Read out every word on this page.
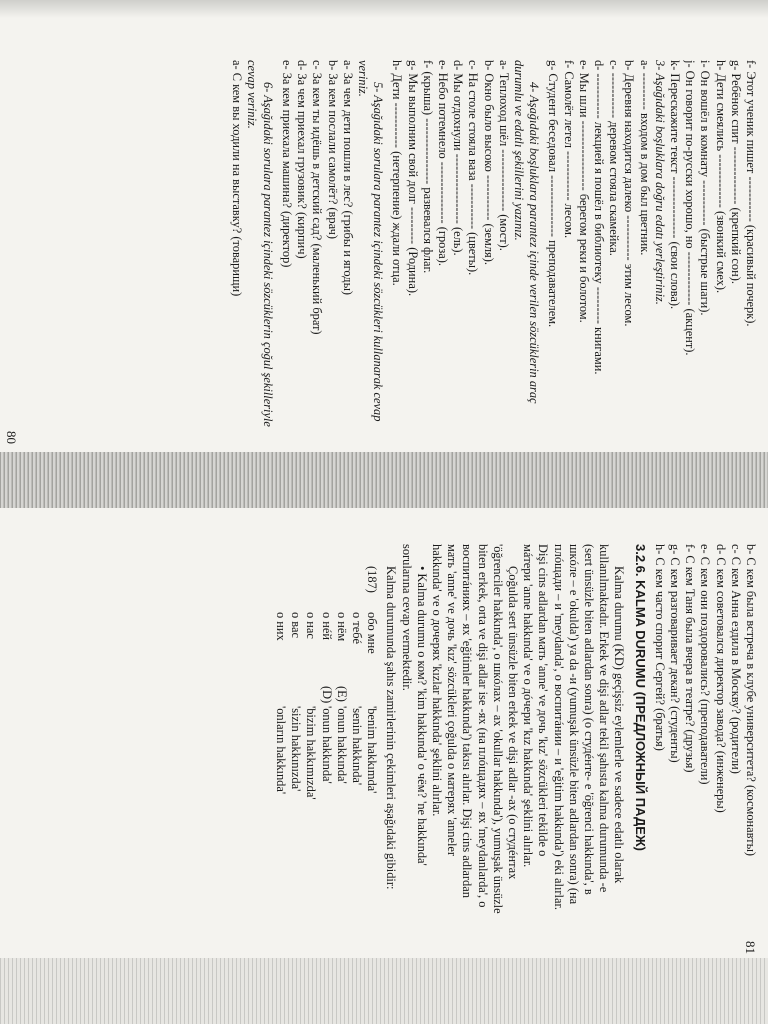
f- Этот ученик пишет ----------- (красивый почерк).
g- Ребёнок спит -------------- (крепкий сон).
h- Дети смеялись ------------- (звонкий смех).
i- Он вошёл в комнату ----------- (быстрые шаги).
j- Он говорит по-русски хорошо, но ------------- (акцент).
k- Перескажите текст --------------- (свои слова).
3- Aşağıdaki boşluklara doğru edatı yerleştiriniz.
а- --------- входом в дом был цветник.
b- Деревня находится далеко ----------- этим лесом.
с- ----------- деревом стояла скамейка.
d- ----------- лекцией я пошёл в библиотеку --------- книгами.
е- Мы шли ----------------- берегом реки и болотом.
f- Самолёт летел ------------ лесом.
g- Студент беседовал --------------- преподавателем.
4- Aşağıdaki boşluklara parantez içinde verilen sözcüklerin araç
durumlu ve edatlı şekillerini yazınız.
а- Теплоход шёл --------------- (мост).
b- Окно было высоко ----------- (земля).
с- На столе стояла ваза ----------- (цветы).
d- Мы отдохнули ----------------- (ель).
е- Небо потемнело --------------- (гроза).
f- (крыша) ---------------- развевался флаг.
g- Мы выполним свой долг --------- (Родина).
h- Дети ----------- (нетерпение) ждали отца.
5- Aşağıdaki sorulara parantez içindeki sözcükleri kullanarak cevap
veriniz.
а- За чем дети пошли в лес? (грибы и ягоды)
b- За кем послали самолёт? (врач)
с- За кем ты идёшь в детский сад? (маленький брат)
d- За чем приехал грузовик? (кирпич)
е- За кем приехала машина? (директор)
6- Aşağıdaki sorulara parantez içindeki sözcüklerin çoğul şekilleriyle
cevap veriniz.
а- С кем вы ходили на выставку? (товарищи)
80
b- С кем была встреча в клубе университета? (космонавты)
с- С кем Анна ездила в Москву? (родители)
d- С кем советовался директор завода? (инженеры)
е- С кем они поздоровались? (преподаватели)
f- С кем Таня была вчера в театре? (друзья)
g- С кем разговаривает декан? (студенты)
h- С кем часто спорит Сергей? (братья)
3.2.6. KALMA DURUMU (ПРЕДЛОЖНЫЙ ПАДЕЖ)
Kalma durumu (KD) geçişsiz eylemlerle ve sadece edatlı olarak
kullanılmaktadır. Erkek ve dişi adlar tekil şahısta kalma durumunda -е
(sert ünsüzle biten adlardan sonra) (о студéнте- е 'öğrenci hakkında', в
шкóле – е 'okulda') ya da -и (yumuşak ünsüzle biten adlardan sonra) (на
плóщади – и 'meydanda', о воспитáнии – и 'eğitim hakkında') eki alırlar.
Dişi cins adlardan мать 'anne' ve дочь 'kız' sözcükleri tekilde о
мáтери 'anne hakkında' ve о дóчери 'kız hakkında' şeklini alırlar.
Çoğulda sert ünsüzle biten erkek ve dişi adlar -ах (о студéнтах
'öğrenciler hakkında', о шкóлах – ах 'okullar hakkında'), yumuşak ünsüzle
biten erkek, orta ve dişi adlar ise -ях (на плóщадях – ях 'meydanlarda', о
воспитáниях – ях 'eğitimler hakkında') takısı alırlar. Dişi cins adlardan
мать 'anne' ve дочь 'kız' sözcükleri çoğulda о матерях 'anneler
hakkında' ve о дочерях 'kızlar hakkında' şeklini alırlar.
• Kalma durumu о ком? 'kim hakkında' о чём? 'ne hakkında'
sorularına cevap vermektedir.
Kalma durumunda şahıs zamirlerinin çekimleri aşağıdaki gibidir:
(187)
обо мне
'benim hakkımda'
о тебé
'senin hakkında'
о нём
(E)
'onun hakkında'
о нéй
(D)
'onun hakkında'
о нас
'bizim hakkımızda'
о вас
'sizin hakkınızda'
о них
'onların hakkında'
81
